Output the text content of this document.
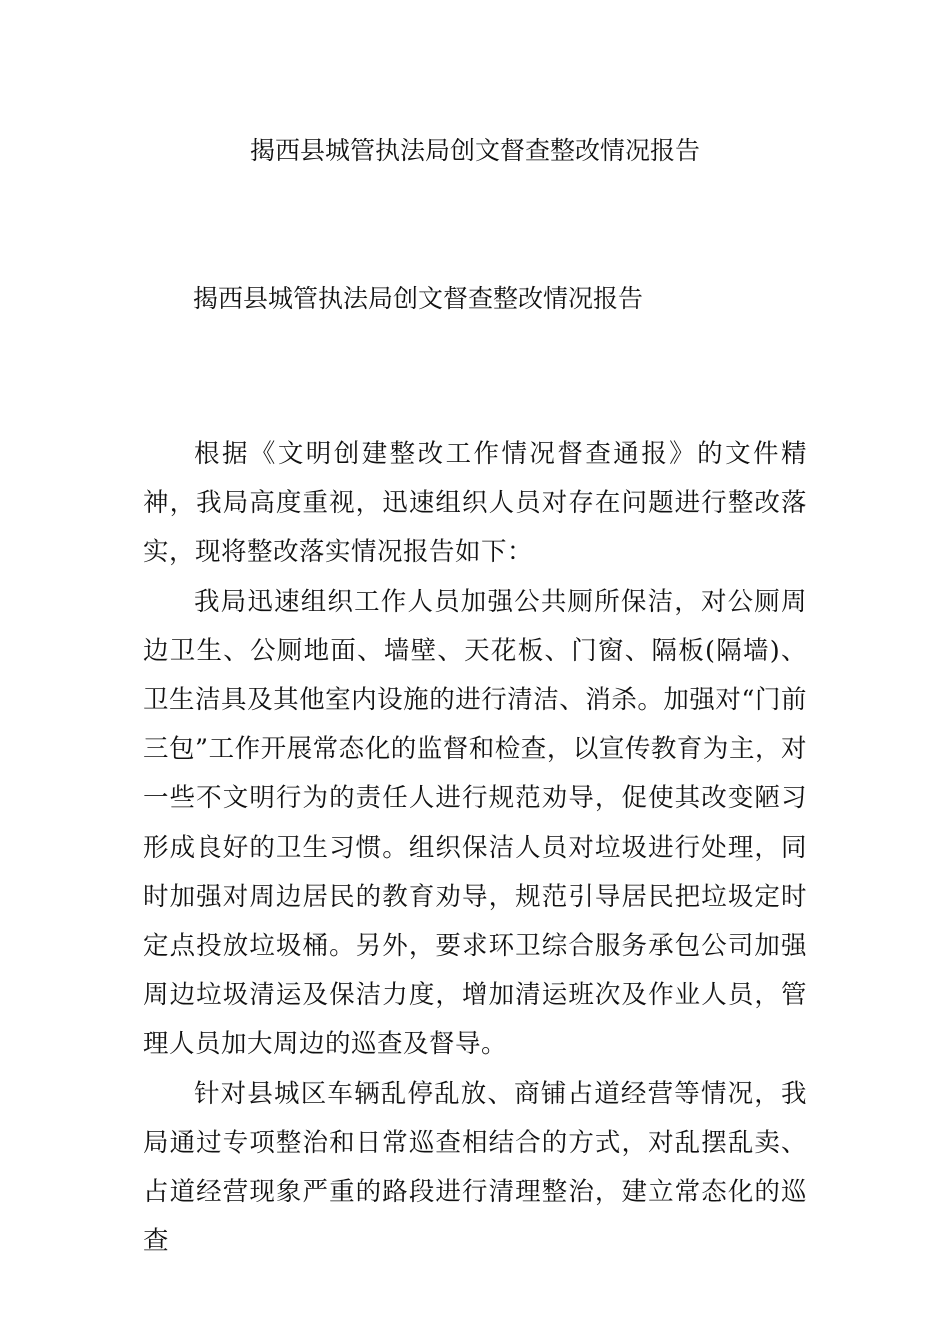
揭西县城管执法局创文督查整改情况报告
揭西县城管执法局创文督查整改情况报告

根据《文明创建整改工作情况督查通报》的文件精神，我局高度重视，迅速组织人员对存在问题进行整改落实，现将整改落实情况报告如下：

我局迅速组织工作人员加强公共厕所保洁，对公厕周边卫生、公厕地面、墙壁、天花板、门窗、隔板(隔墙)、卫生洁具及其他室内设施的进行清洁、消杀。加强对“门前三包”工作开展常态化的监督和检查，以宣传教育为主，对一些不文明行为的责任人进行规范劝导，促使其改变陋习形成良好的卫生习惯。组织保洁人员对垃圾进行处理，同时加强对周边居民的教育劝导，规范引导居民把垃圾定时定点投放垃圾桶。另外，要求环卫综合服务承包公司加强周边垃圾清运及保洁力度，增加清运班次及作业人员，管理人员加大周边的巡查及督导。

针对县城区车辆乱停乱放、商铺占道经营等情况，我局通过专项整治和日常巡查相结合的方式，对乱摆乱卖、占道经营现象严重的路段进行清理整治，建立常态化的巡查
